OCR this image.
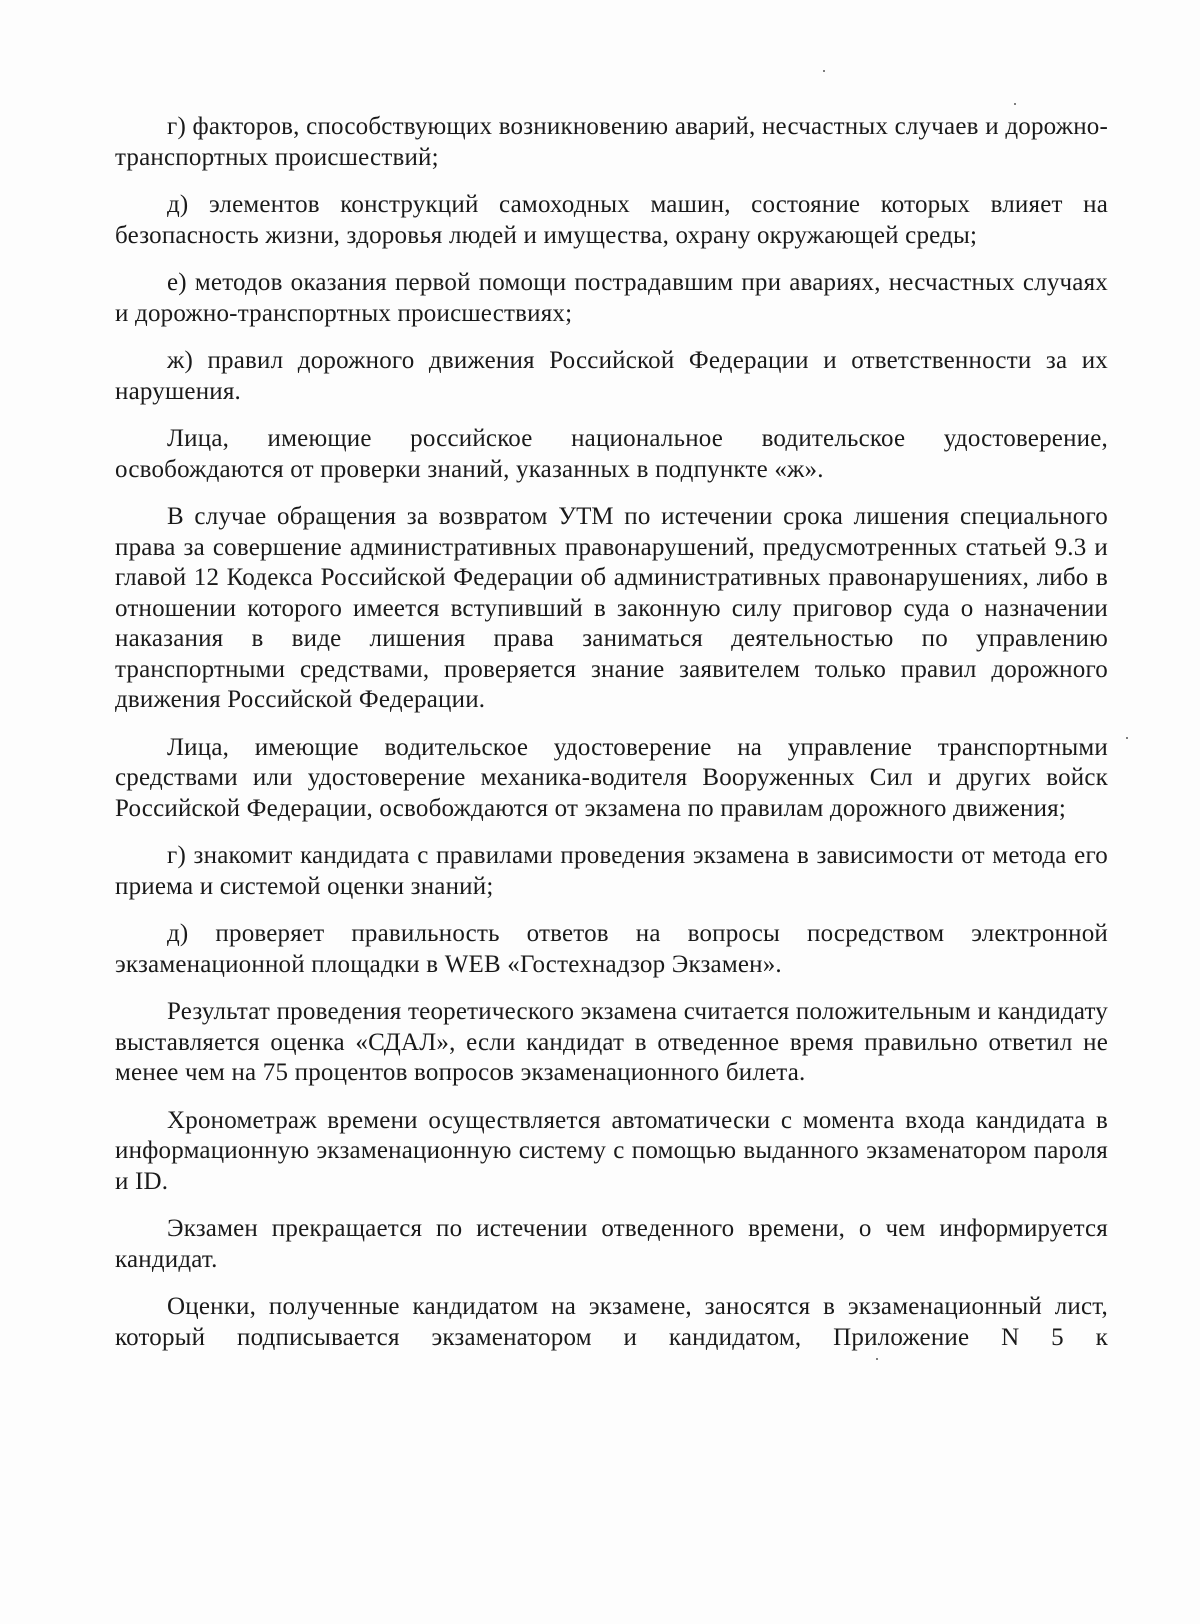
г) факторов, способствующих возникновению аварий, несчастных случаев и дорожно-транспортных происшествий;

д) элементов конструкций самоходных машин, состояние которых влияет на безопасность жизни, здоровья людей и имущества, охрану окружающей среды;

е) методов оказания первой помощи пострадавшим при авариях, несчастных случаях и дорожно-транспортных происшествиях;

ж) правил дорожного движения Российской Федерации и ответственности за их нарушения.

Лица, имеющие российское национальное водительское удостоверение, освобождаются от проверки знаний, указанных в подпункте «ж».

В случае обращения за возвратом УТМ по истечении срока лишения специального права за совершение административных правонарушений, предусмотренных статьей 9.3 и главой 12 Кодекса Российской Федерации об административных правонарушениях, либо в отношении которого имеется вступивший в законную силу приговор суда о назначении наказания в виде лишения права заниматься деятельностью по управлению транспортными средствами, проверяется знание заявителем только правил дорожного движения Российской Федерации.

Лица, имеющие водительское удостоверение на управление транспортными средствами или удостоверение механика-водителя Вооруженных Сил и других войск Российской Федерации, освобождаются от экзамена по правилам дорожного движения;

г) знакомит кандидата с правилами проведения экзамена в зависимости от метода его приема и системой оценки знаний;

д) проверяет правильность ответов на вопросы посредством электронной экзаменационной площадки в WEB «Гостехнадзор Экзамен».

Результат проведения теоретического экзамена считается положительным и кандидату выставляется оценка «СДАЛ», если кандидат в отведенное время правильно ответил не менее чем на 75 процентов вопросов экзаменационного билета.

Хронометраж времени осуществляется автоматически с момента входа кандидата в информационную экзаменационную систему с помощью выданного экзаменатором пароля и ID.

Экзамен прекращается по истечении отведенного времени, о чем информируется кандидат.

Оценки, полученные кандидатом на экзамене, заносятся в экзаменационный лист, который подписывается экзаменатором и кандидатом, Приложение N 5 к
